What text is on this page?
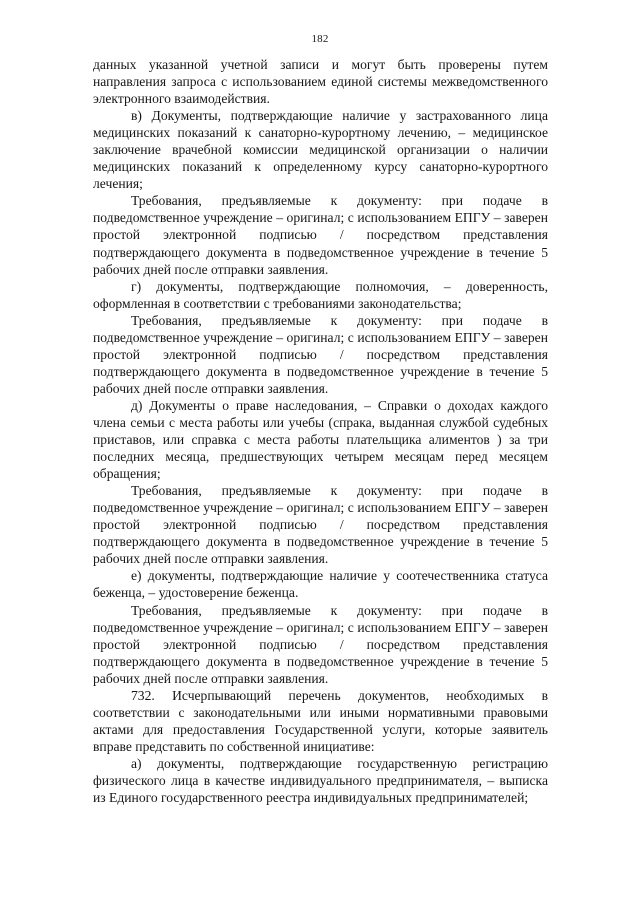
182

данных указанной учетной записи и могут быть проверены путем направления запроса с использованием единой системы межведомственного электронного взаимодействия.

в) Документы, подтверждающие наличие у застрахованного лица медицинских показаний к санаторно-курортному лечению, – медицинское заключение врачебной комиссии медицинской организации о наличии медицинских показаний к определенному курсу санаторно-курортного лечения;

Требования, предъявляемые к документу: при подаче в подведомственное учреждение – оригинал; с использованием ЕПГУ – заверен простой электронной подписью / посредством представления подтверждающего документа в подведомственное учреждение в течение 5 рабочих дней после отправки заявления.

г) документы, подтверждающие полномочия, – доверенность, оформленная в соответствии с требованиями законодательства;

Требования, предъявляемые к документу: при подаче в подведомственное учреждение – оригинал; с использованием ЕПГУ – заверен простой электронной подписью / посредством представления подтверждающего документа в подведомственное учреждение в течение 5 рабочих дней после отправки заявления.

д) Документы о праве наследования, – Справки о доходах каждого члена семьи с места работы или учебы (спрака, выданная службой судебных приставов, или справка с места работы плательщика алиментов ) за три последних месяца, предшествующих четырем месяцам перед месяцем обращения;

Требования, предъявляемые к документу: при подаче в подведомственное учреждение – оригинал; с использованием ЕПГУ – заверен простой электронной подписью / посредством представления подтверждающего документа в подведомственное учреждение в течение 5 рабочих дней после отправки заявления.

е) документы, подтверждающие наличие у соотечественника статуса беженца, – удостоверение беженца.

Требования, предъявляемые к документу: при подаче в подведомственное учреждение – оригинал; с использованием ЕПГУ – заверен простой электронной подписью / посредством представления подтверждающего документа в подведомственное учреждение в течение 5 рабочих дней после отправки заявления.

732. Исчерпывающий перечень документов, необходимых в соответствии с законодательными или иными нормативными правовыми актами для предоставления Государственной услуги, которые заявитель вправе представить по собственной инициативе:

а) документы, подтверждающие государственную регистрацию физического лица в качестве индивидуального предпринимателя, – выписка из Единого государственного реестра индивидуальных предпринимателей;
